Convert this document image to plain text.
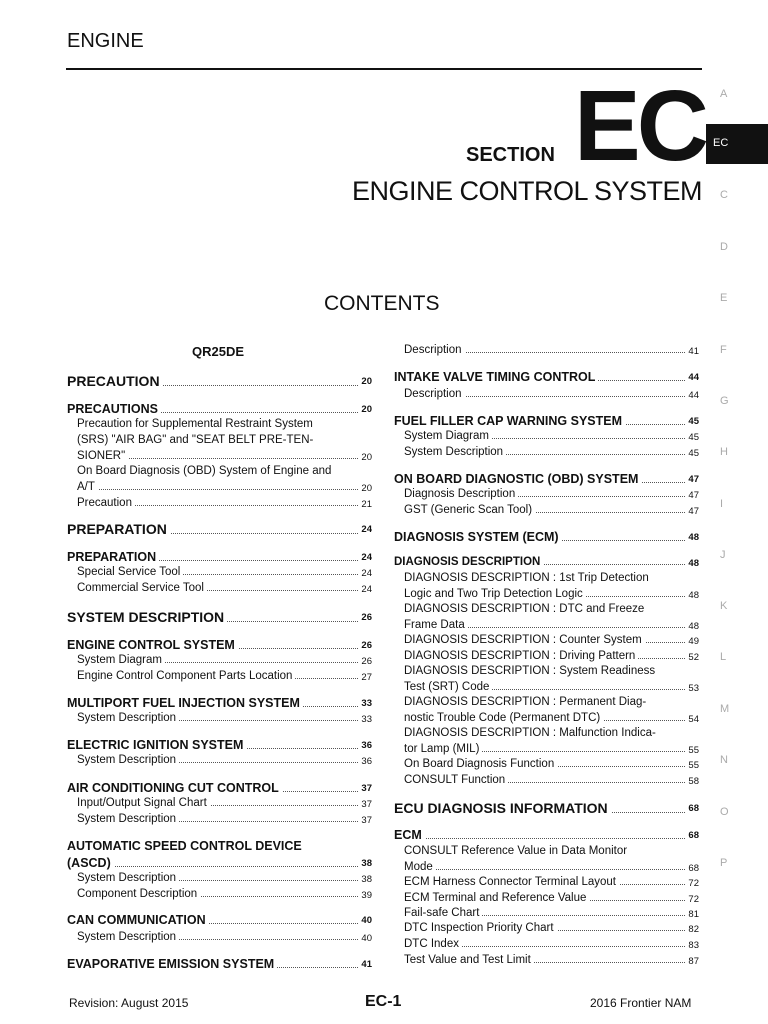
ENGINE
A
C
D
E
F
G
H
I
J
K
L
M
N
O
P
EC
SECTION EC
ENGINE CONTROL SYSTEM
CONTENTS
QR25DE
PRECAUTION	20
PRECAUTIONS	20
Precaution for Supplemental Restraint System
(SRS) "AIR BAG" and "SEAT BELT PRE-TEN-
SIONER"	20
On Board Diagnosis (OBD) System of Engine and
A/T	20
Precaution	21
PREPARATION	24
PREPARATION	24
Special Service Tool	24
Commercial Service Tool	24
SYSTEM DESCRIPTION	26
ENGINE CONTROL SYSTEM	26
System Diagram	26
Engine Control Component Parts Location	27
MULTIPORT FUEL INJECTION SYSTEM	33
System Description	33
ELECTRIC IGNITION SYSTEM	36
System Description	36
AIR CONDITIONING CUT CONTROL	37
Input/Output Signal Chart	37
System Description	37
AUTOMATIC SPEED CONTROL DEVICE
(ASCD)	38
System Description	38
Component Description	39
CAN COMMUNICATION	40
System Description	40
EVAPORATIVE EMISSION SYSTEM	41
Description	41
INTAKE VALVE TIMING CONTROL	44
Description	44
FUEL FILLER CAP WARNING SYSTEM	45
System Diagram	45
System Description	45
ON BOARD DIAGNOSTIC (OBD) SYSTEM	47
Diagnosis Description	47
GST (Generic Scan Tool)	47
DIAGNOSIS SYSTEM (ECM)	48
DIAGNOSIS DESCRIPTION	48
DIAGNOSIS DESCRIPTION : 1st Trip Detection
Logic and Two Trip Detection Logic	48
DIAGNOSIS DESCRIPTION : DTC and Freeze
Frame Data	48
DIAGNOSIS DESCRIPTION : Counter System	49
DIAGNOSIS DESCRIPTION : Driving Pattern	52
DIAGNOSIS DESCRIPTION : System Readiness
Test (SRT) Code	53
DIAGNOSIS DESCRIPTION : Permanent Diag-
nostic Trouble Code (Permanent DTC)	54
DIAGNOSIS DESCRIPTION : Malfunction Indica-
tor Lamp (MIL)	55
On Board Diagnosis Function	55
CONSULT Function	58
ECU DIAGNOSIS INFORMATION	68
ECM	68
CONSULT Reference Value in Data Monitor
Mode	68
ECM Harness Connector Terminal Layout	72
ECM Terminal and Reference Value	72
Fail-safe Chart	81
DTC Inspection Priority Chart	82
DTC Index	83
Test Value and Test Limit	87
Revision: August 2015	EC-1	2016 Frontier NAM
